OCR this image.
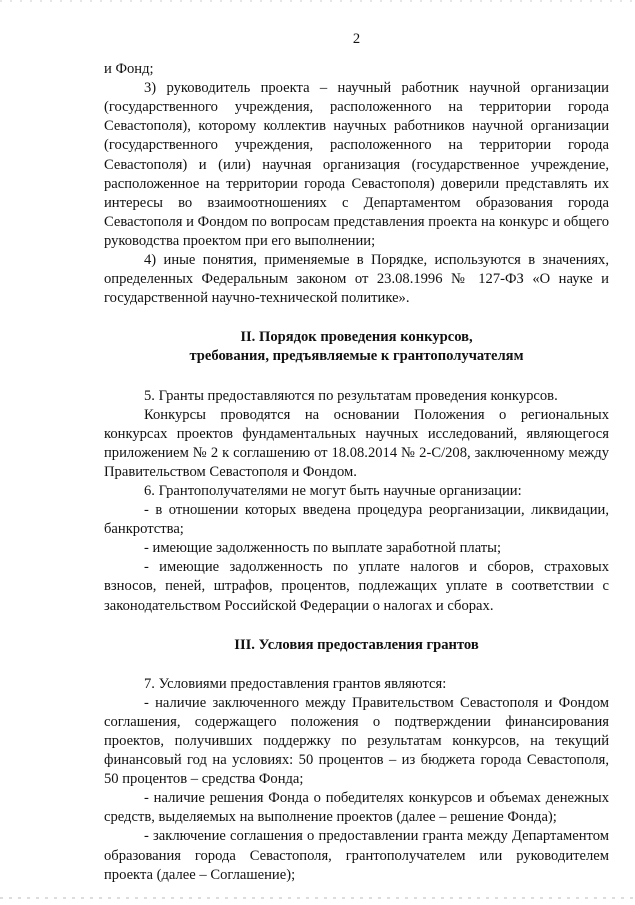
2

и Фонд;

3) руководитель проекта – научный работник научной организации (государственного учреждения, расположенного на территории города Севастополя), которому коллектив научных работников научной организации (государственного учреждения, расположенного на территории города Севастополя) и (или) научная организация (государственное учреждение, расположенное на территории города Севастополя) доверили представлять их интересы во взаимоотношениях с Департаментом образования города Севастополя и Фондом по вопросам представления проекта на конкурс и общего руководства проектом при его выполнении;

4) иные понятия, применяемые в Порядке, используются в значениях, определенных Федеральным законом от 23.08.1996 № 127-ФЗ «О науке и государственной научно-технической политике».

II. Порядок проведения конкурсов,
требования, предъявляемые к грантополучателям

5. Гранты предоставляются по результатам проведения конкурсов.

Конкурсы проводятся на основании Положения о региональных конкурсах проектов фундаментальных научных исследований, являющегося приложением № 2 к соглашению от 18.08.2014 № 2-С/208, заключенному между Правительством Севастополя и Фондом.

6. Грантополучателями не могут быть научные организации:

- в отношении которых введена процедура реорганизации, ликвидации, банкротства;

- имеющие задолженность по выплате заработной платы;

- имеющие задолженность по уплате налогов и сборов, страховых взносов, пеней, штрафов, процентов, подлежащих уплате в соответствии с законодательством Российской Федерации о налогах и сборах.

III. Условия предоставления грантов

7. Условиями предоставления грантов являются:

- наличие заключенного между Правительством Севастополя и Фондом соглашения, содержащего положения о подтверждении финансирования проектов, получивших поддержку по результатам конкурсов, на текущий финансовый год на условиях: 50 процентов – из бюджета города Севастополя, 50 процентов – средства Фонда;

- наличие решения Фонда о победителях конкурсов и объемах денежных средств, выделяемых на выполнение проектов (далее – решение Фонда);

- заключение соглашения о предоставлении гранта между Департаментом образования города Севастополя, грантополучателем или руководителем проекта (далее – Соглашение);
